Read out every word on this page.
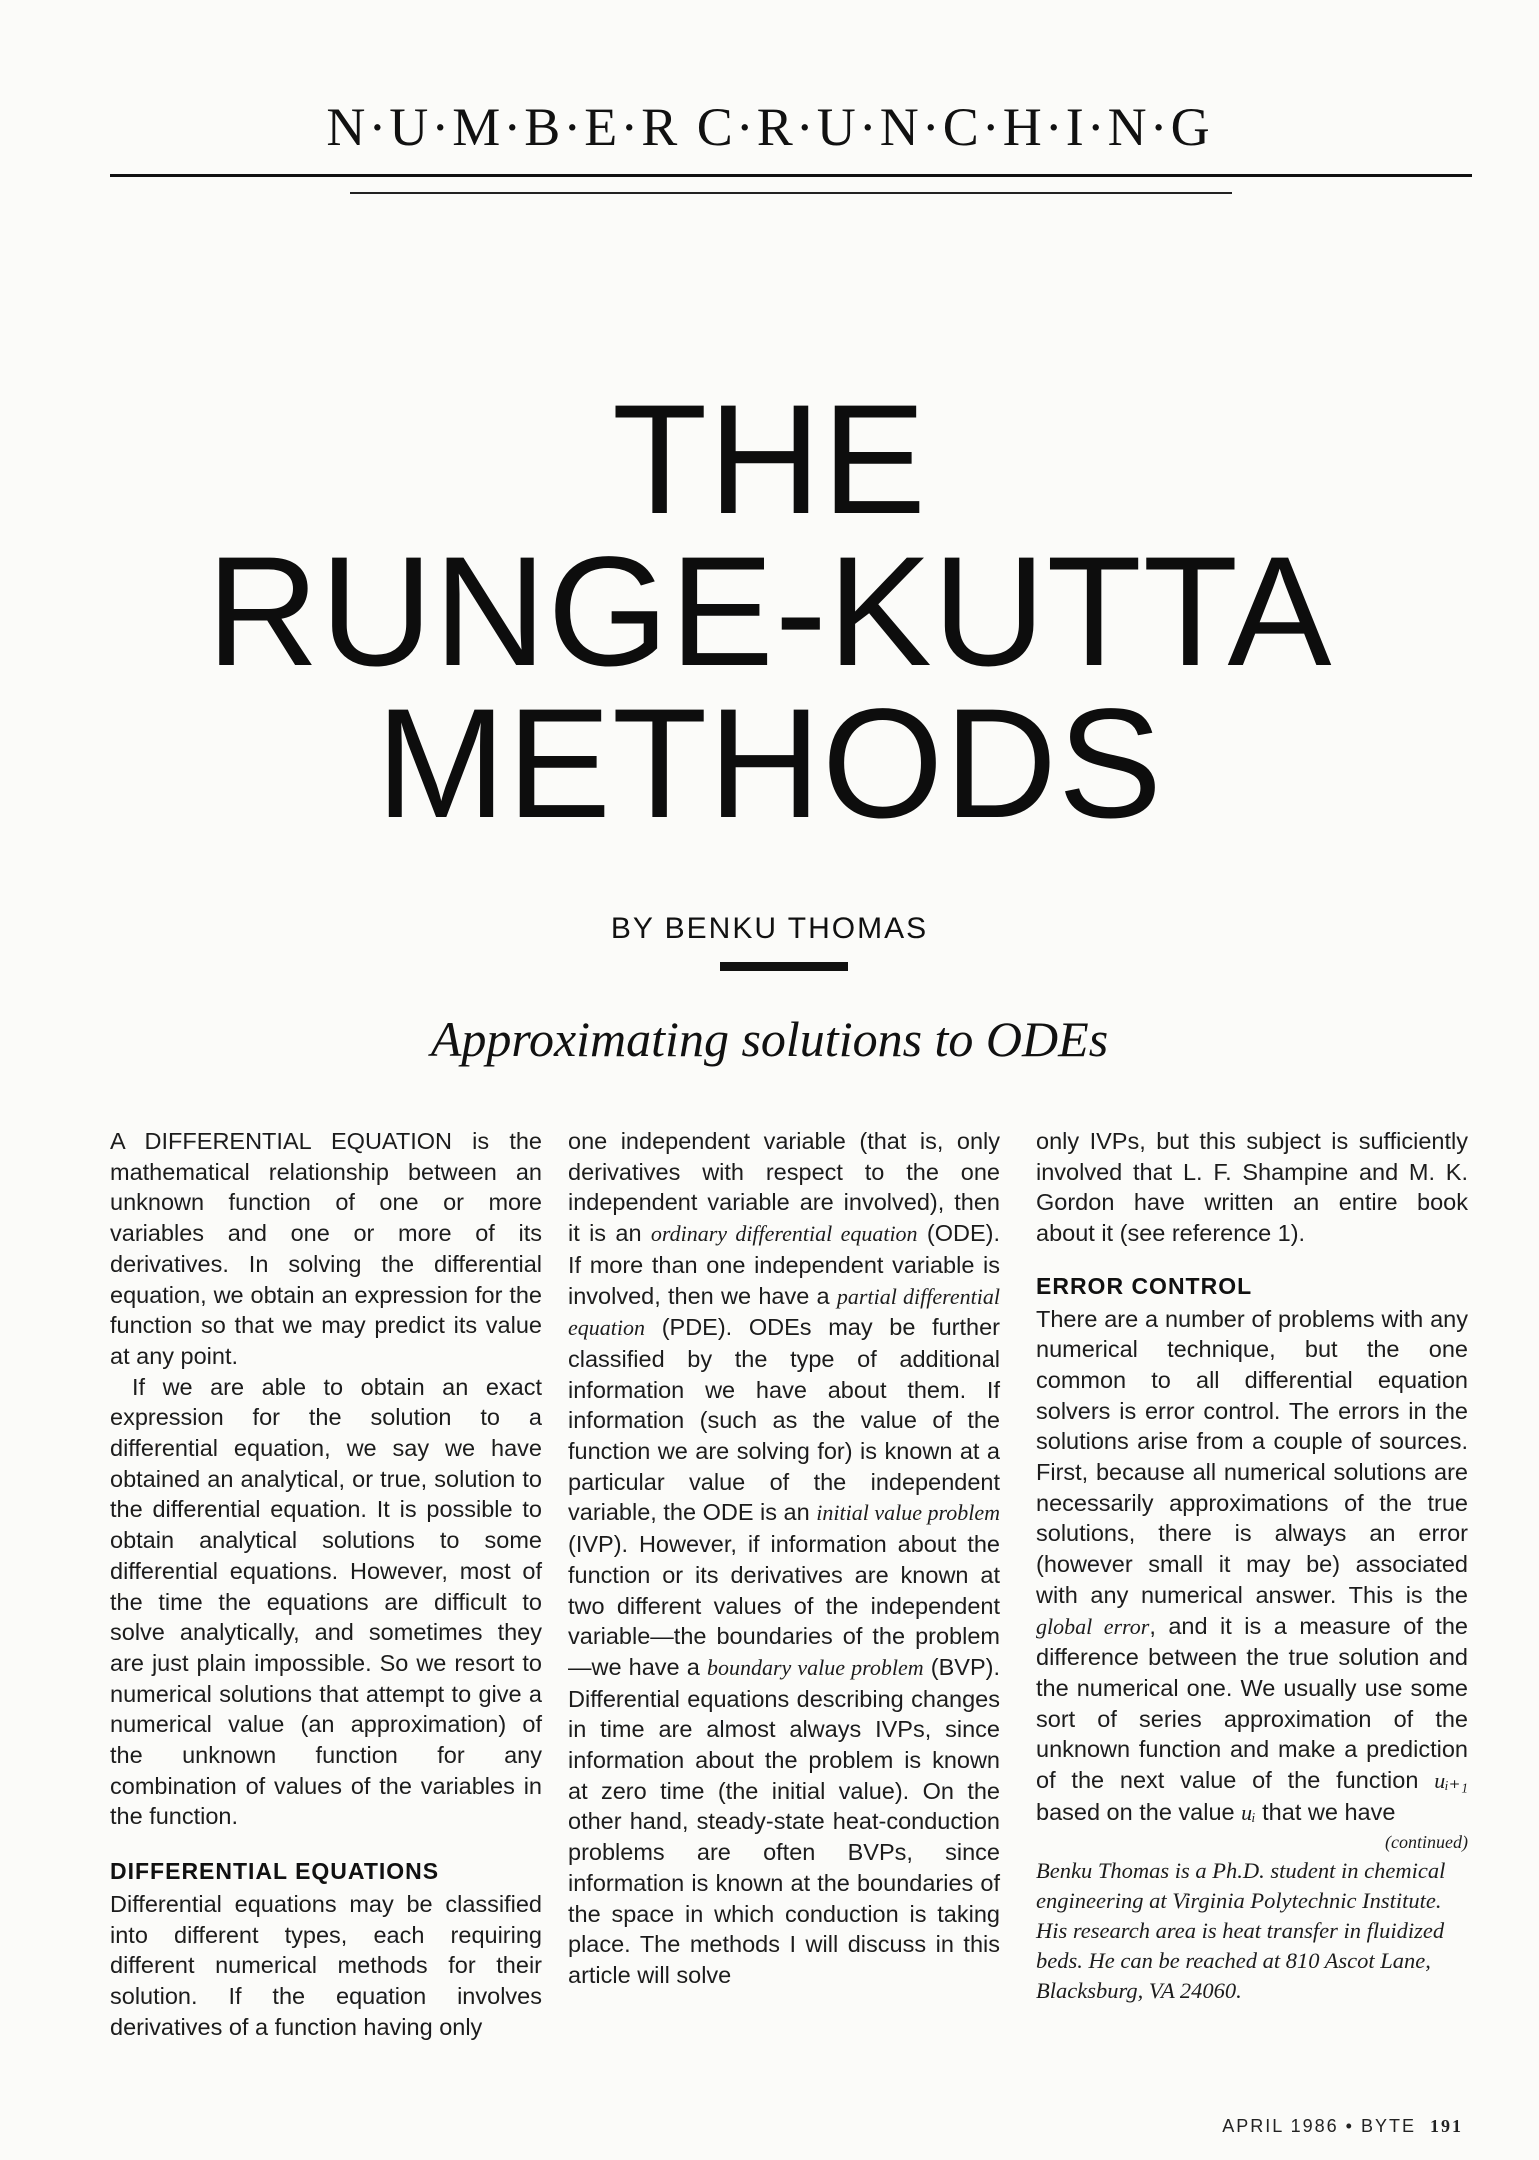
N·U·M·B·E·R C·R·U·N·C·H·I·N·G
THE
RUNGE-KUTTA
METHODS
BY BENKU THOMAS
Approximating solutions to ODEs

A DIFFERENTIAL EQUATION is the mathematical relationship between an unknown function of one or more variables and one or more of its derivatives. In solving the differential equation, we obtain an expression for the function so that we may predict its value at any point.

If we are able to obtain an exact expression for the solution to a differential equation, we say we have obtained an analytical, or true, solution to the differential equation. It is possible to obtain analytical solutions to some differential equations. However, most of the time the equations are difficult to solve analytically, and sometimes they are just plain impossible. So we resort to numerical solutions that attempt to give a numerical value (an approximation) of the unknown function for any combination of values of the variables in the function.

DIFFERENTIAL EQUATIONS

Differential equations may be classified into different types, each requiring different numerical methods for their solution. If the equation involves derivatives of a function having only

one independent variable (that is, only derivatives with respect to the one independent variable are involved), then it is an ordinary differential equation (ODE). If more than one independent variable is involved, then we have a partial differential equation (PDE). ODEs may be further classified by the type of additional information we have about them. If information (such as the value of the function we are solving for) is known at a particular value of the independent variable, the ODE is an initial value problem (IVP). However, if information about the function or its derivatives are known at two different values of the independent variable—the boundaries of the problem—we have a boundary value problem (BVP). Differential equations describing changes in time are almost always IVPs, since information about the problem is known at zero time (the initial value). On the other hand, steady-state heat-conduction problems are often BVPs, since information is known at the boundaries of the space in which conduction is taking place. The methods I will discuss in this article will solve

only IVPs, but this subject is sufficiently involved that L. F. Shampine and M. K. Gordon have written an entire book about it (see reference 1).

ERROR CONTROL

There are a number of problems with any numerical technique, but the one common to all differential equation solvers is error control. The errors in the solutions arise from a couple of sources. First, because all numerical solutions are necessarily approximations of the true solutions, there is always an error (however small it may be) associated with any numerical answer. This is the global error, and it is a measure of the difference between the true solution and the numerical one. We usually use some sort of series approximation of the unknown function and make a prediction of the next value of the function uᵢ₊₁ based on the value uᵢ that we have

(continued)
Benku Thomas is a Ph.D. student in chemical engineering at Virginia Polytechnic Institute. His research area is heat transfer in fluidized beds. He can be reached at 810 Ascot Lane, Blacksburg, VA 24060.
APRIL 1986 • BYTE 191
